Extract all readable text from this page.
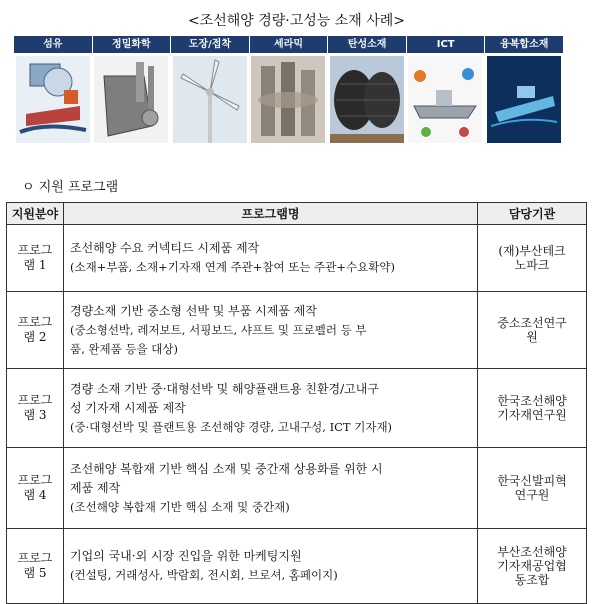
<조선해양 경량·고성능 소재 사례>
섬유	정밀화학	도장/접착	세라믹	탄성소재	ICT	융복합소재
ㅇ 지원 프로그램
지원분야	프로그램명	담당기관

프로그
램 1	조선해양 수요 커넥티드 시제품 제작
(소재+부품, 소재+기자재 연계 주관+참여 또는 주관+수요확약)	(재)부산테크
노파크

프로그
램 2	경량소재 기반 중소형 선박 및 부품 시제품 제작
(중소형선박, 레저보트, 서핑보드, 샤프트 및 프로펠러 등 부
품, 완제품 등을 대상)	중소조선연구
원

프로그
램 3	경량 소재 기반 중·대형선박 및 해양플랜트용 친환경/고내구
성 기자재 시제품 제작
(중·대형선박 및 플랜트용 조선해양 경량, 고내구성, ICT 기자재)	한국조선해양
기자재연구원

프로그
램 4	조선해양 복합재 기반 핵심 소재 및 중간재 상용화를 위한 시
제품 제작
(조선해양 복합재 기반 핵심 소재 및 중간재)	한국신발피혁
연구원

프로그
램 5	기업의 국내·외 시장 진입을 위한 마케팅지원
(컨설팅, 거래성사, 박람회, 전시회, 브로셔, 홈페이지)	부산조선해양
기자재공업협
동조합
